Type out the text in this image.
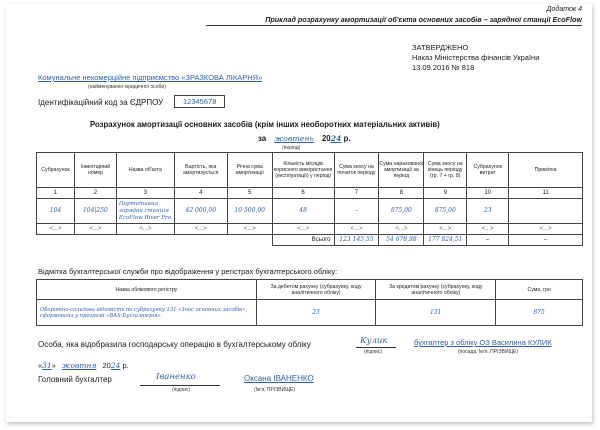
Додаток 4
Приклад розрахунку амортизації об'єкта основних засобів – зарядної станції EcoFlow
ЗАТВЕРДЖЕНО
Наказ Міністерства фінансів України
13.09.2016 № 818
Комунальне некомерційне підприємство «ЗРАЗКОВА ЛІКАРНЯ»
(найменування юридичної особи)
Ідентифікаційний код за ЄДРПОУ	12345678
Розрахунок амортизації основних засобів (крім інших необоротних матеріальних активів)
за жовтень 2024 р.
(період)
Субрахунок	Інвентарний номер	Назва об'єкта	Вартість, яка амортизується	Річна сума амортизації	Кількість місяців корисного використання (експлуатації) у періоді	Сума зносу на початок періоду	Сума нарахованої амортизації за період	Сума зносу на кінець періоду (гр. 7 + гр. 8)	Субрахунок витрат	Примітка
1	2	3	4	5	6	7	8	9	10	11
104	104|250	Портативна зарядна станція EcoFlow River Pro	42 000,00	10 500,00	48	–	875,00	875,00	23	
<...>	<...>	<...>	<...>	<...>	<...>	<...>	<...>	<...>	<...>	<...>
					Всього	123 145,55	54 678,98	177 824,51	–	–
Відмітка бухгалтерської служби про відображення у регістрах бухгалтерського обліку:
Назва облікового регістру	За дебетом рахунку (субрахунку, коду аналітичного обліку)	За кредитом рахунку (субрахунку, коду аналітичного обліку)	Сума, грн
Оборотно-сальдова відомість по субрахунку 131 «Знос основних засобів», сформована у програмі «ВАЅ:Бухгалтерія»	23	131	875
Особа, яка відобразила господарську операцію в бухгалтерському обліку	Кулик
(підпис)
бухгалтер з обліку ОЗ Василина КУЛИК
(посада, Ім'я, ПРІЗВИЩЕ)
«31» жовтня 2024 р.
Головний бухгалтер	Іваненко
(підпис)
Оксана ІВАНЕНКО
(Ім'я, ПРІЗВИЩЕ)
